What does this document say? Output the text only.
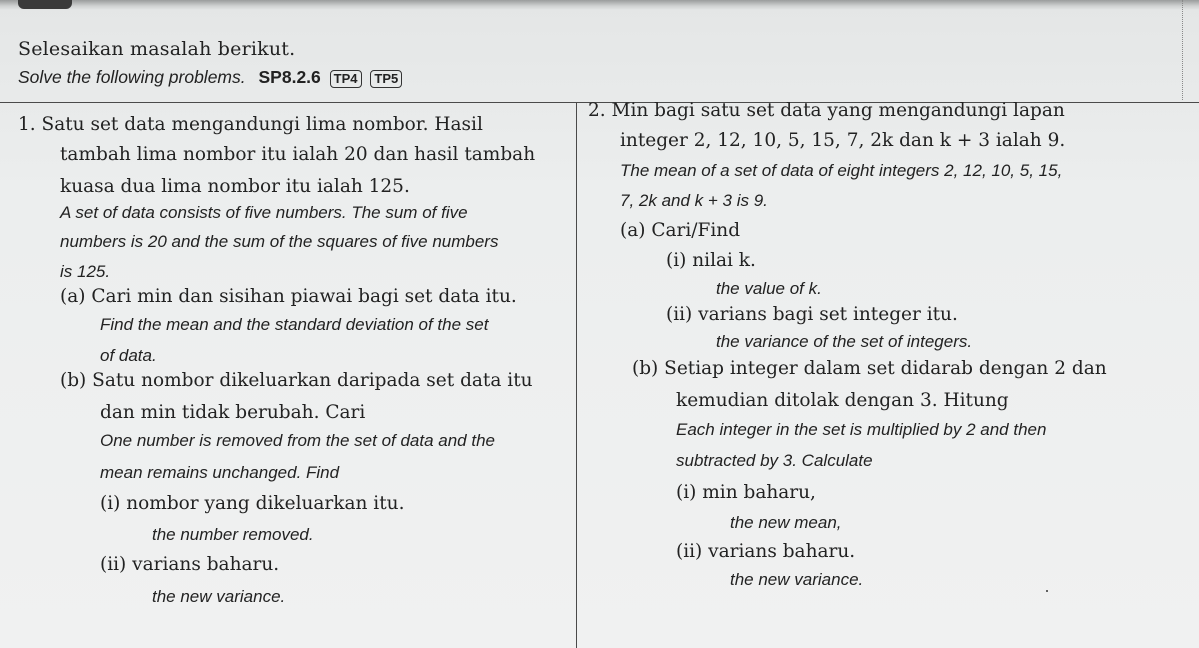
Selesaikan masalah berikut.
Solve the following problems. SP8.2.6 TP4 TP5
1. Satu set data mengandungi lima nombor. Hasil
tambah lima nombor itu ialah 20 dan hasil tambah
kuasa dua lima nombor itu ialah 125.
A set of data consists of five numbers. The sum of five
numbers is 20 and the sum of the squares of five numbers
is 125.
(a) Cari min dan sisihan piawai bagi set data itu.
Find the mean and the standard deviation of the set
of data.
(b) Satu nombor dikeluarkan daripada set data itu
dan min tidak berubah. Cari
One number is removed from the set of data and the
mean remains unchanged. Find
(i) nombor yang dikeluarkan itu.
the number removed.
(ii) varians baharu.
the new variance.
2. Min bagi satu set data yang mengandungi lapan
integer 2, 12, 10, 5, 15, 7, 2k dan k + 3 ialah 9.
The mean of a set of data of eight integers 2, 12, 10, 5, 15,
7, 2k and k + 3 is 9.
(a) Cari/Find
(i) nilai k.
the value of k.
(ii) varians bagi set integer itu.
the variance of the set of integers.
(b) Setiap integer dalam set didarab dengan 2 dan
kemudian ditolak dengan 3. Hitung
Each integer in the set is multiplied by 2 and then
subtracted by 3. Calculate
(i) min baharu,
the new mean,
(ii) varians baharu.
the new variance.
